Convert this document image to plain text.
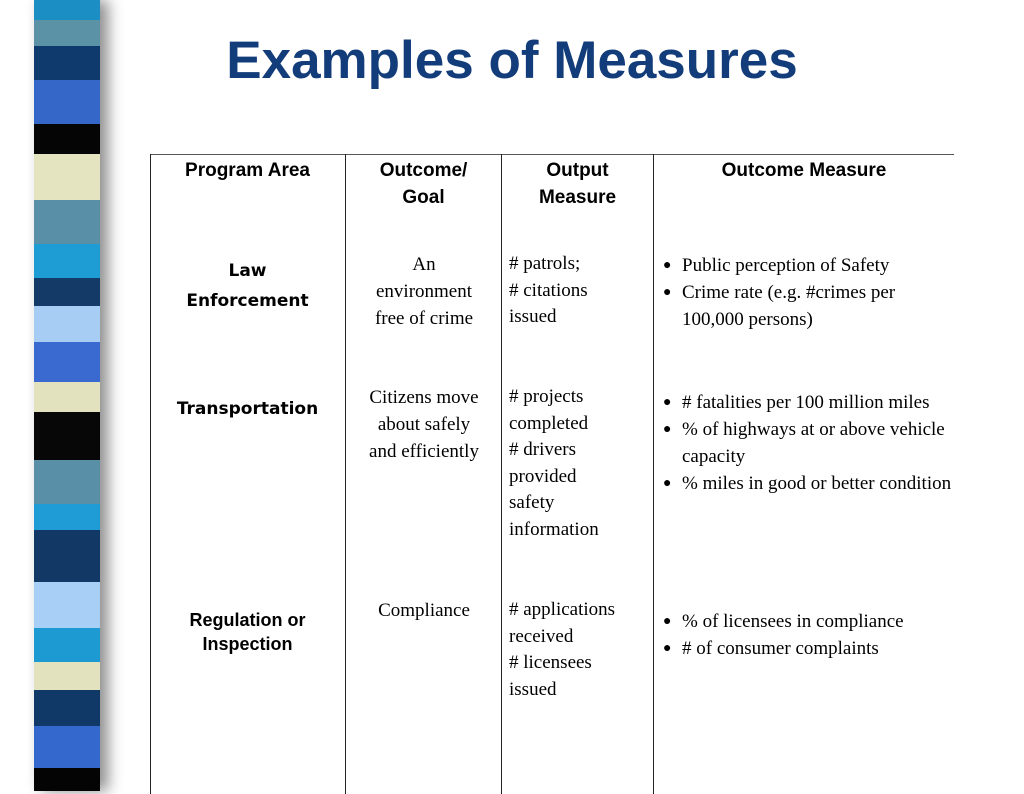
Examples of Measures
Program Area	Outcome/
Goal
Output
Measure
Outcome Measure
Law
Enforcement
An
environment
free of crime
# patrols;
# citations
issued
Transportation
Citizens move
about safely
and efficiently
# projects
completed
# drivers
provided
safety
information
Regulation or
Inspection
Compliance	# applications
received
# licensees
issued
● Public perception of Safety
● Crime rate (e.g. #crimes per 100,000 persons)
● # fatalities per 100 million miles
● % of highways at or above vehicle capacity
● % miles in good or better condition
● % of licensees in compliance
● # of consumer complaints
